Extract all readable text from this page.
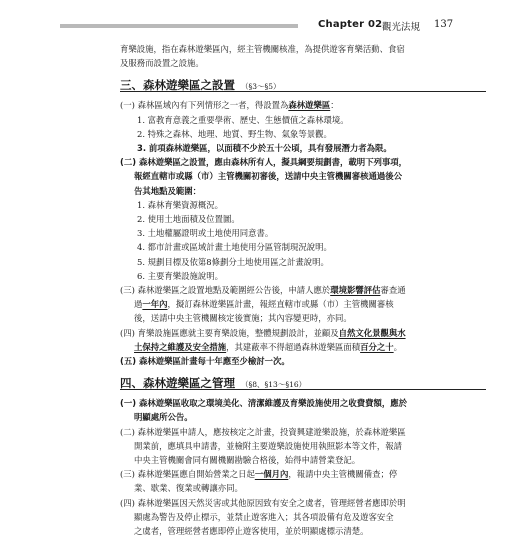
Chapter 02 觀光法規 137
育樂設施，指在森林遊樂區內，經主管機關核准，為提供遊客育樂活動、食宿
及服務而設置之設施。
三、森林遊樂區之設置 （§3～§5）
(一) 森林區域內有下列情形之一者，得設置為森林遊樂區：
1. 富教育意義之重要學術、歷史、生態價值之森林環境。
2. 特殊之森林、地理、地質、野生物、氣象等景觀。
3. 前項森林遊樂區，以面積不少於五十公頃，具有發展潛力者為限。
(二) 森林遊樂區之設置，應由森林所有人，擬具綱要規劃書，載明下列事項，
報經直轄市或縣（市）主管機關初審後，送請中央主管機關審核通過後公
告其地點及範圍：
1. 森林育樂資源概況。
2. 使用土地面積及位置圖。
3. 土地權屬證明或土地使用同意書。
4. 都市計畫或區域計畫土地使用分區管制現況說明。
5. 規劃目標及依第8條劃分土地使用區之計畫說明。
6. 主要育樂設施說明。
(三) 森林遊樂區之設置地點及範圍經公告後，申請人應於環境影響評估審查通
過一年內，擬訂森林遊樂區計畫，報經直轄市或縣（市）主管機關審核
後，送請中央主管機關核定後實施；其內容變更時，亦同。
(四) 育樂設施區應就主要育樂設施，整體規劃設計，並顧及自然文化景觀與水
土保持之維護及安全措施，其建蔽率不得超過森林遊樂區面積百分之十。
(五) 森林遊樂區計畫每十年應至少檢討一次。
四、森林遊樂區之管理 （§8、§13～§16）
(一) 森林遊樂區收取之環境美化、清潔維護及育樂設施使用之收費費額，應於
明顯處所公告。
(二) 森林遊樂區申請人，應按核定之計畫，投資興建遊樂設施，於森林遊樂區
開業前，應填具申請書，並檢附主要遊樂設施使用執照影本等文件，報請
中央主管機關會同有關機關勘驗合格後，始得申請營業登記。
(三) 森林遊樂區應自開始營業之日起一個月內，報請中央主管機關備查；停
業、歇業、復業或轉讓亦同。
(四) 森林遊樂區因天然災害或其他原因致有安全之虞者，管理經營者應即於明
顯處為警告及停止標示，並禁止遊客進入；其各項設備有危及遊客安全
之虞者，管理經營者應即停止遊客使用，並於明顯處標示清楚。
